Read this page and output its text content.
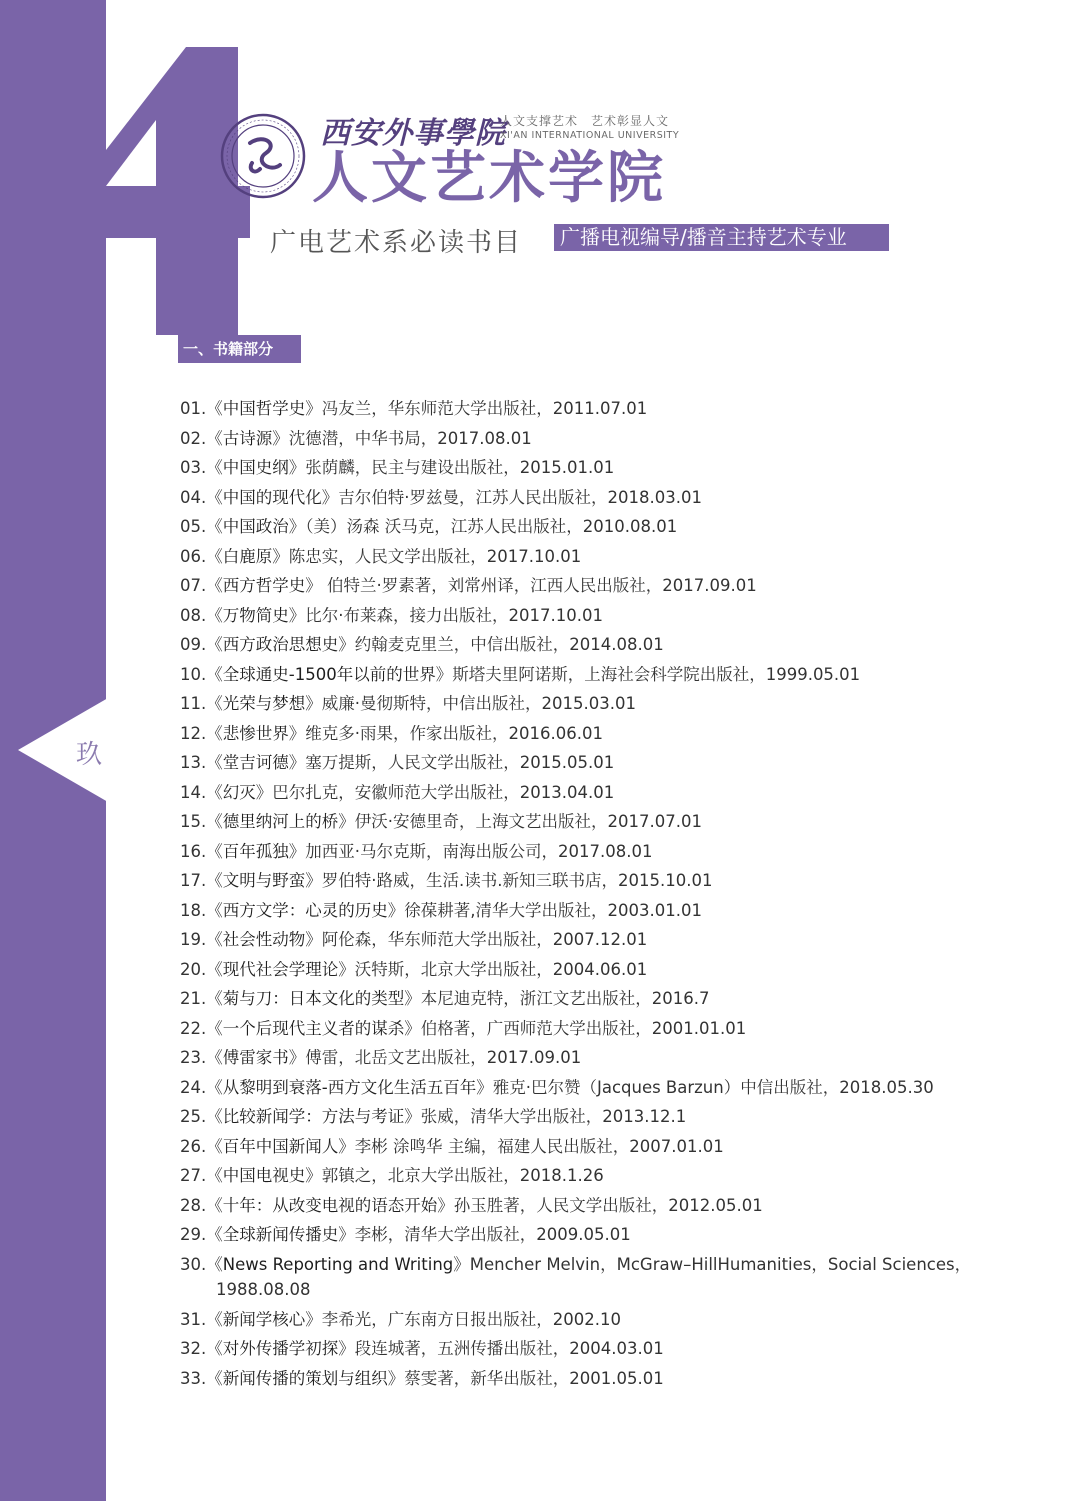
玖
西安外事學院
人文支撑艺术　艺术彰显人文
XI'AN INTERNATIONAL UNIVERSITY
人文艺术学院
广电艺术系必读书目	广播电视编导/播音主持艺术专业
一、书籍部分
01.《中国哲学史》冯友兰，华东师范大学出版社，2011.07.01
02.《古诗源》沈德潜，中华书局，2017.08.01
03.《中国史纲》张荫麟，民主与建设出版社，2015.01.01
04.《中国的现代化》吉尔伯特·罗兹曼，江苏人民出版社，2018.03.01
05.《中国政治》（美）汤森 沃马克，江苏人民出版社，2010.08.01
06.《白鹿原》陈忠实，人民文学出版社，2017.10.01
07.《西方哲学史》 伯特兰·罗素著，刘常州译，江西人民出版社，2017.09.01
08.《万物简史》比尔·布莱森，接力出版社，2017.10.01
09.《西方政治思想史》约翰麦克里兰，中信出版社，2014.08.01
10.《全球通史-1500年以前的世界》斯塔夫里阿诺斯，上海社会科学院出版社，1999.05.01
11.《光荣与梦想》威廉·曼彻斯特，中信出版社，2015.03.01
12.《悲惨世界》维克多·雨果，作家出版社，2016.06.01
13.《堂吉诃德》塞万提斯，人民文学出版社，2015.05.01
14.《幻灭》巴尔扎克，安徽师范大学出版社，2013.04.01
15.《德里纳河上的桥》伊沃·安德里奇，上海文艺出版社，2017.07.01
16.《百年孤独》加西亚·马尔克斯，南海出版公司，2017.08.01
17.《文明与野蛮》罗伯特·路威，生活.读书.新知三联书店，2015.10.01
18.《西方文学：心灵的历史》徐葆耕著,清华大学出版社，2003.01.01
19.《社会性动物》阿伦森，华东师范大学出版社，2007.12.01
20.《现代社会学理论》沃特斯，北京大学出版社，2004.06.01
21.《菊与刀：日本文化的类型》本尼迪克特，浙江文艺出版社，2016.7
22.《一个后现代主义者的谋杀》伯格著，广西师范大学出版社，2001.01.01
23.《傅雷家书》傅雷，北岳文艺出版社，2017.09.01
24.《从黎明到衰落-西方文化生活五百年》雅克·巴尔赞（Jacques Barzun）中信出版社，2018.05.30
25.《比较新闻学：方法与考证》张威，清华大学出版社，2013.12.1
26.《百年中国新闻人》李彬 涂鸣华 主编，福建人民出版社，2007.01.01
27.《中国电视史》郭镇之，北京大学出版社，2018.1.26
28.《十年：从改变电视的语态开始》孙玉胜著，人民文学出版社，2012.05.01
29.《全球新闻传播史》李彬，清华大学出版社，2009.05.01
30.《News Reporting and Writing》Mencher Melvin，McGraw–HillHumanities，Social Sciences，1988.08.08
31.《新闻学核心》李希光，广东南方日报出版社，2002.10
32.《对外传播学初探》段连城著，五洲传播出版社，2004.03.01
33.《新闻传播的策划与组织》蔡雯著，新华出版社，2001.05.01
